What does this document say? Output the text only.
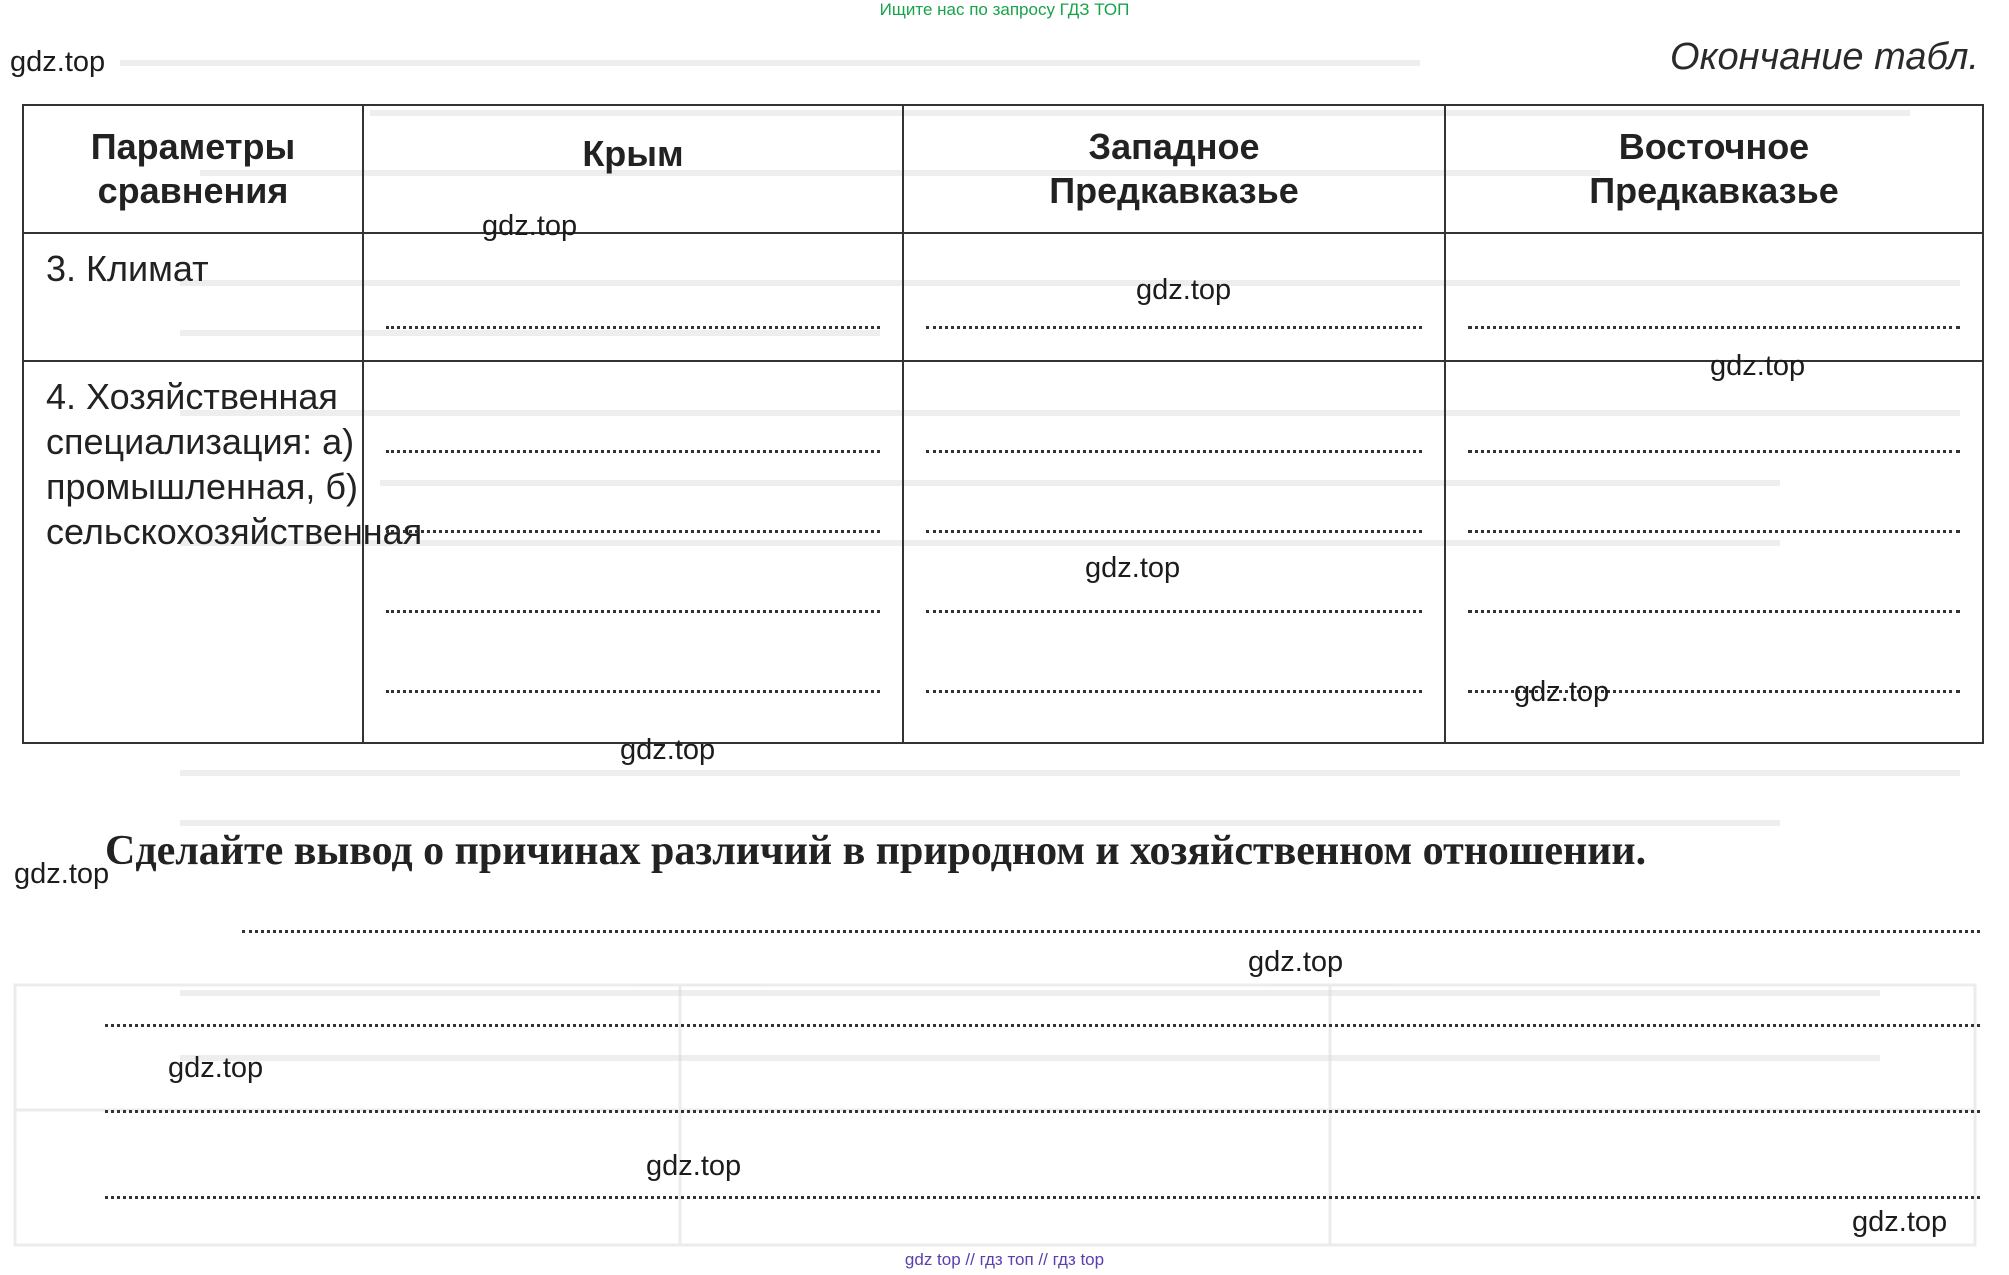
Ищите нас по запросу ГДЗ ТОП
Окончание табл.
Параметры сравнения	Крым	Западное Предкавказье	Восточное Предкавказье
3. Климат	

4. Хозяйственная специализация: а) промышленная, б) сельскохозяйственная	

Сделайте вывод о причинах различий в природном и хозяйственном отношении.
gdz.top
gdz.top
gdz.top
gdz.top
gdz.top
gdz.top
gdz.top
gdz.top
gdz.top
gdz.top
gdz.top
gdz.top
gdz top // гдз топ // гдз top
